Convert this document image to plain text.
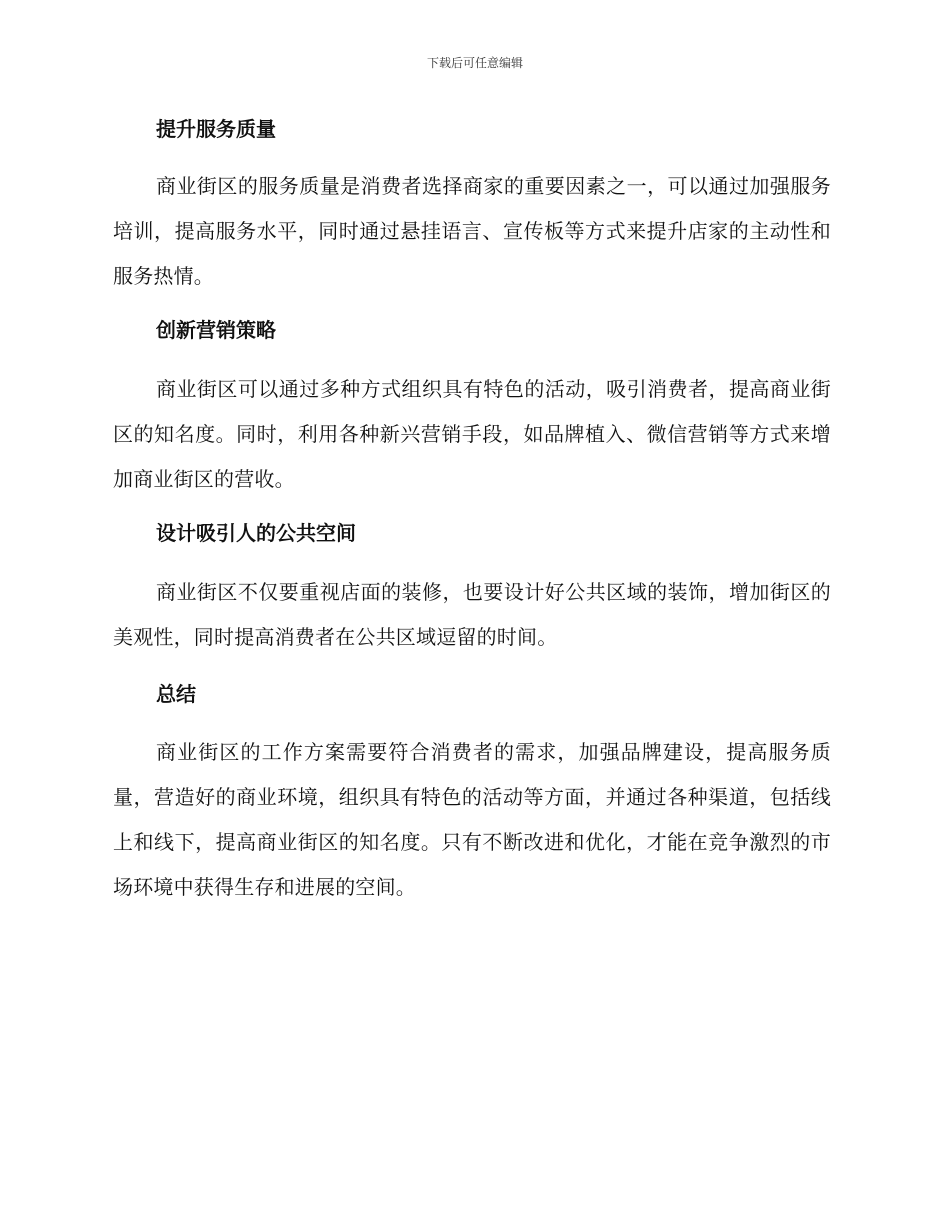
下载后可任意编辑
提升服务质量

商业街区的服务质量是消费者选择商家的重要因素之一，可以通过加强服务培训，提高服务水平，同时通过悬挂语言、宣传板等方式来提升店家的主动性和服务热情。

创新营销策略

商业街区可以通过多种方式组织具有特色的活动，吸引消费者，提高商业街区的知名度。同时，利用各种新兴营销手段，如品牌植入、微信营销等方式来增加商业街区的营收。

设计吸引人的公共空间

商业街区不仅要重视店面的装修，也要设计好公共区域的装饰，增加街区的美观性，同时提高消费者在公共区域逗留的时间。

总结

商业街区的工作方案需要符合消费者的需求，加强品牌建设，提高服务质量，营造好的商业环境，组织具有特色的活动等方面，并通过各种渠道，包括线上和线下，提高商业街区的知名度。只有不断改进和优化，才能在竞争激烈的市场环境中获得生存和进展的空间。
